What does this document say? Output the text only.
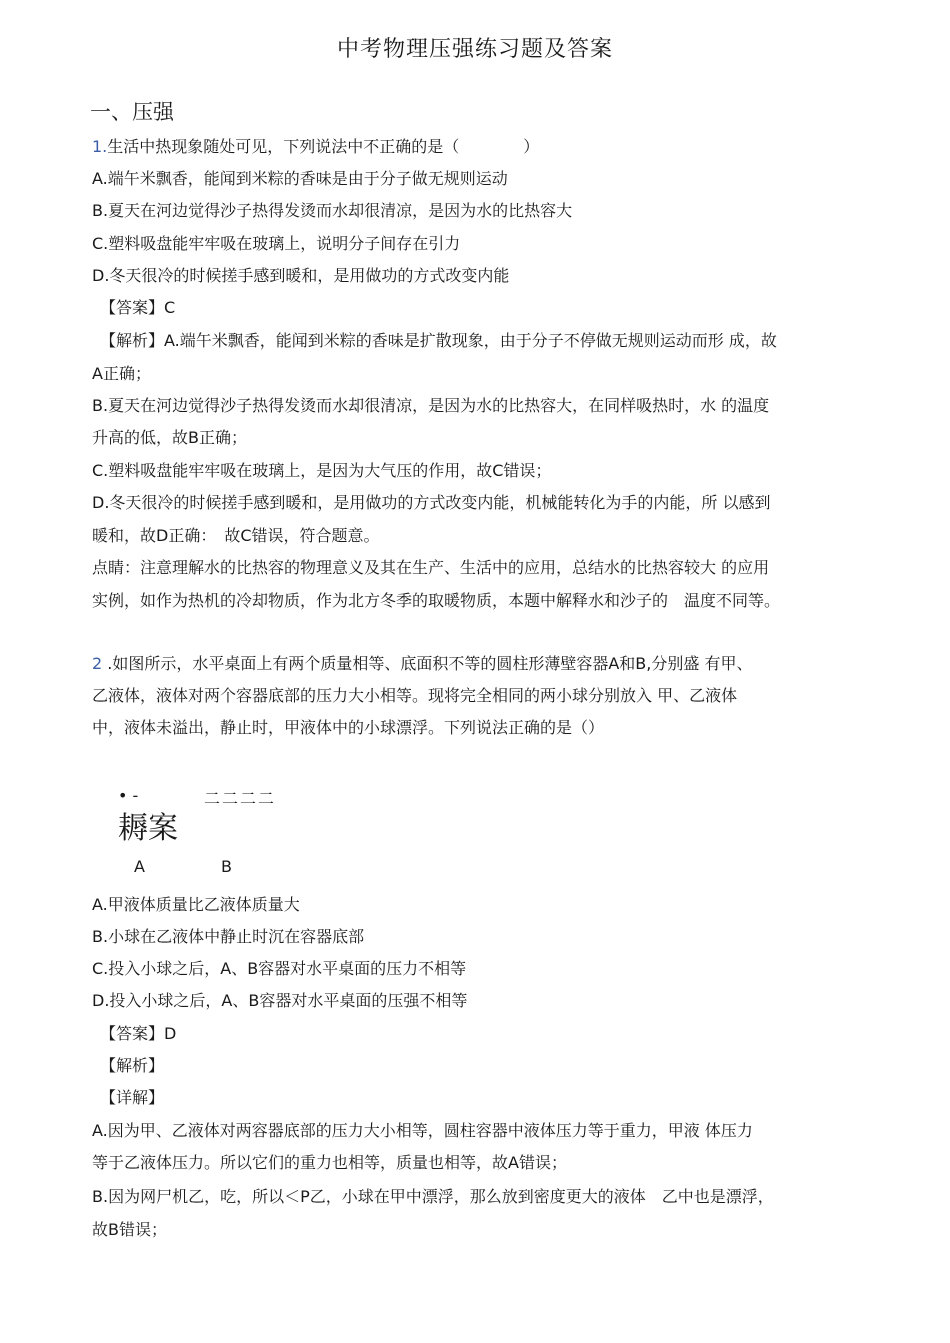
中考物理压强练习题及答案
一、压强
1.生活中热现象随处可见，下列说法中不正确的是（　　　　）
A.端午米飘香，能闻到米粽的香味是由于分子做无规则运动
B.夏天在河边觉得沙子热得发烫而水却很清凉，是因为水的比热容大
C.塑料吸盘能牢牢吸在玻璃上，说明分子间存在引力
D.冬天很冷的时候搓手感到暖和，是用做功的方式改变内能
【答案】C
【解析】A.端午米飘香，能闻到米粽的香味是扩散现象，由于分子不停做无规则运动而形 成，故
A正确；
B.夏天在河边觉得沙子热得发烫而水却很清凉，是因为水的比热容大，在同样吸热时，水 的温度
升高的低，故B正确；
C.塑料吸盘能牢牢吸在玻璃上，是因为大气压的作用，故C错误；
D.冬天很冷的时候搓手感到暖和，是用做功的方式改变内能，机械能转化为手的内能，所 以感到
暖和，故D正确：　故C错误，符合题意。
点睛：注意理解水的比热容的物理意义及其在生产、生活中的应用，总结水的比热容较大 的应用
实例，如作为热机的冷却物质，作为北方冬季的取暖物质，本题中解释水和沙子的　温度不同等。
2 .如图所示，水平桌面上有两个质量相等、底面积不等的圆柱形薄壁容器A和B,分别盛 有甲、
乙液体，液体对两个容器底部的压力大小相等。现将完全相同的两小球分别放入 甲、乙液体
中，液体未溢出，静止时，甲液体中的小球漂浮。下列说法正确的是（）
• -	二二二二
耨案
A	B
A.甲液体质量比乙液体质量大
B.小球在乙液体中静止时沉在容器底部
C.投入小球之后，A、B容器对水平桌面的压力不相等
D.投入小球之后，A、B容器对水平桌面的压强不相等
【答案】D
【解析】
【详解】
A.因为甲、乙液体对两容器底部的压力大小相等，圆柱容器中液体压力等于重力，甲液 体压力
等于乙液体压力。所以它们的重力也相等，质量也相等，故A错误；
B.因为网尸机乙，吃，所以＜P乙，小球在甲中漂浮，那么放到密度更大的液体　乙中也是漂浮，
故B错误；
